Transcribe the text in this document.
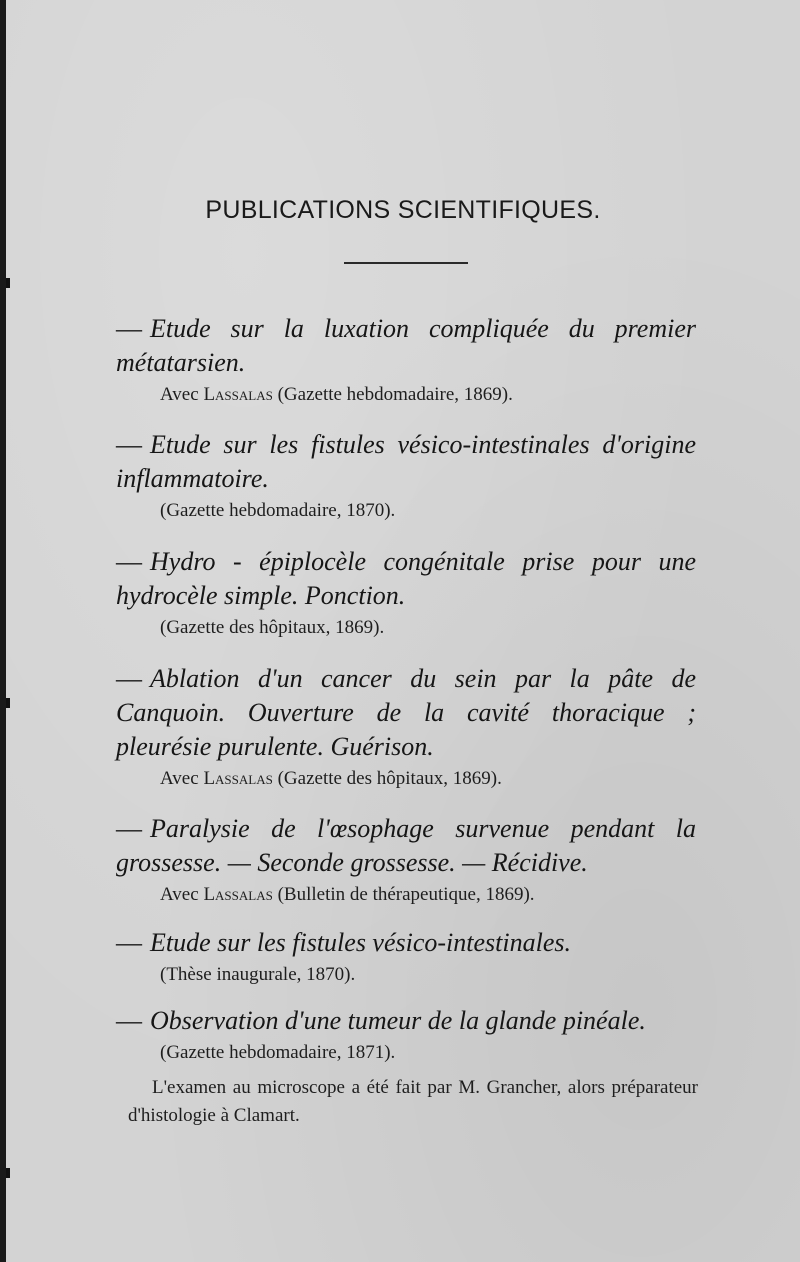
PUBLICATIONS SCIENTIFIQUES.
— Etude sur la luxation compliquée du premier métatarsien.
Avec Lassalas (Gazette hebdomadaire, 1869).
— Etude sur les fistules vésico-intestinales d'origine inflammatoire.
(Gazette hebdomadaire, 1870).
— Hydro - épiplocèle congénitale prise pour une hydrocèle simple. Ponction.
(Gazette des hôpitaux, 1869).
— Ablation d'un cancer du sein par la pâte de Canquoin. Ouverture de la cavité thoracique ; pleurésie purulente. Guérison.
Avec Lassalas (Gazette des hôpitaux, 1869).
— Paralysie de l'œsophage survenue pendant la grossesse. — Seconde grossesse. — Récidive.
Avec Lassalas (Bulletin de thérapeutique, 1869).
— Etude sur les fistules vésico-intestinales.
(Thèse inaugurale, 1870).
— Observation d'une tumeur de la glande pinéale.
(Gazette hebdomadaire, 1871).
L'examen au microscope a été fait par M. Grancher, alors préparateur d'histologie à Clamart.
